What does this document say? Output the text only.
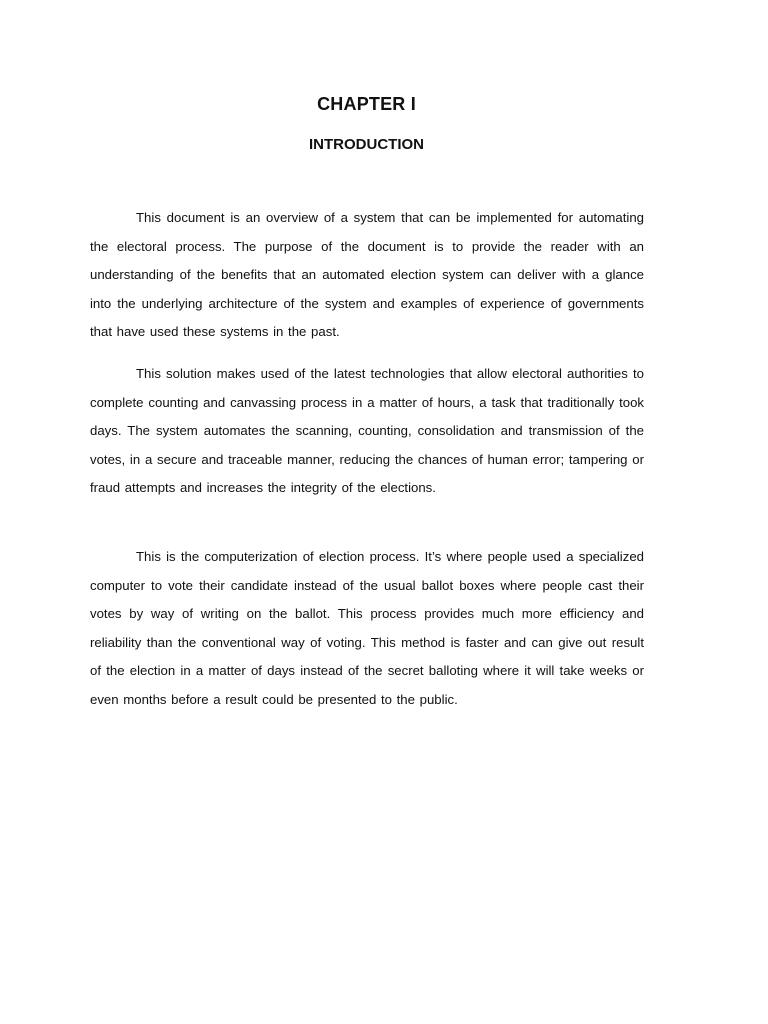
CHAPTER I
INTRODUCTION

This document is an overview of a system that can be implemented for automating the electoral process. The purpose of the document is to provide the reader with an understanding of the benefits that an automated election system can deliver with a glance into the underlying architecture of the system and examples of experience of governments that have used these systems in the past.

This solution makes used of the latest technologies that allow electoral authorities to complete counting and canvassing process in a matter of hours, a task that traditionally took days. The system automates the scanning, counting, consolidation and transmission of the votes, in a secure and traceable manner, reducing the chances of human error; tampering or fraud attempts and increases the integrity of the elections.

This is the computerization of election process. It’s where people used a specialized computer to vote their candidate instead of the usual ballot boxes where people cast their votes by way of writing on the ballot. This process provides much more efficiency and reliability than the conventional way of voting. This method is faster and can give out result of the election in a matter of days instead of the secret balloting where it will take weeks or even months before a result could be presented to the public.
